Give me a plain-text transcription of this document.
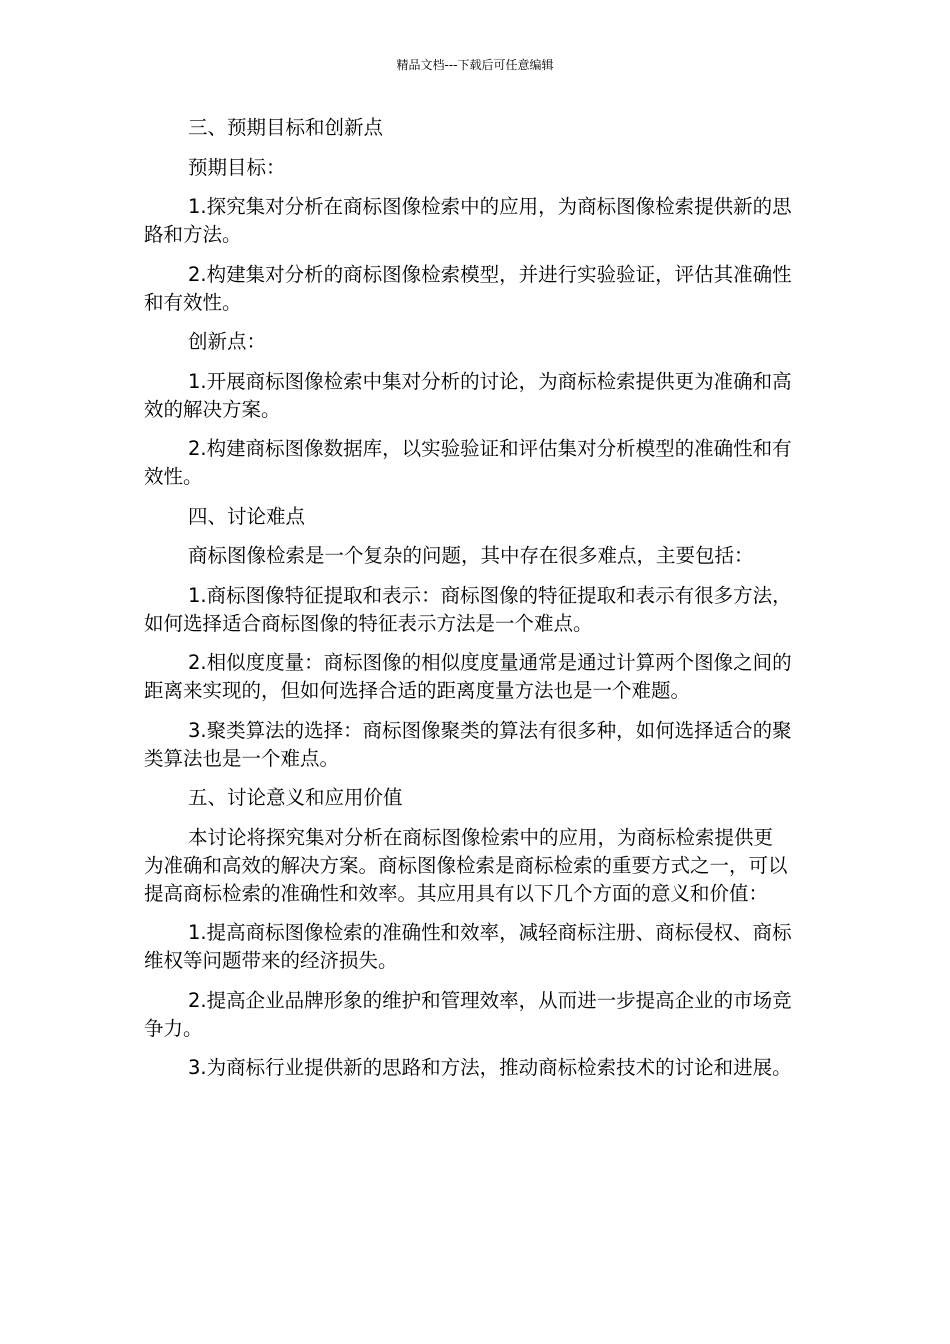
精品文档---下载后可任意编辑

三、预期目标和创新点

预期目标：

1.探究集对分析在商标图像检索中的应用，为商标图像检索提供新的思路和方法。

2.构建集对分析的商标图像检索模型，并进行实验验证，评估其准确性和有效性。

创新点：

1.开展商标图像检索中集对分析的讨论，为商标检索提供更为准确和高效的解决方案。

2.构建商标图像数据库，以实验验证和评估集对分析模型的准确性和有效性。

四、讨论难点

商标图像检索是一个复杂的问题，其中存在很多难点，主要包括：

1.商标图像特征提取和表示：商标图像的特征提取和表示有很多方法，如何选择适合商标图像的特征表示方法是一个难点。

2.相似度度量：商标图像的相似度度量通常是通过计算两个图像之间的距离来实现的，但如何选择合适的距离度量方法也是一个难题。

3.聚类算法的选择：商标图像聚类的算法有很多种，如何选择适合的聚类算法也是一个难点。

五、讨论意义和应用价值

本讨论将探究集对分析在商标图像检索中的应用，为商标检索提供更为准确和高效的解决方案。商标图像检索是商标检索的重要方式之一，可以提高商标检索的准确性和效率。其应用具有以下几个方面的意义和价值：

1.提高商标图像检索的准确性和效率，减轻商标注册、商标侵权、商标维权等问题带来的经济损失。

2.提高企业品牌形象的维护和管理效率，从而进一步提高企业的市场竞争力。

3.为商标行业提供新的思路和方法，推动商标检索技术的讨论和进展。
